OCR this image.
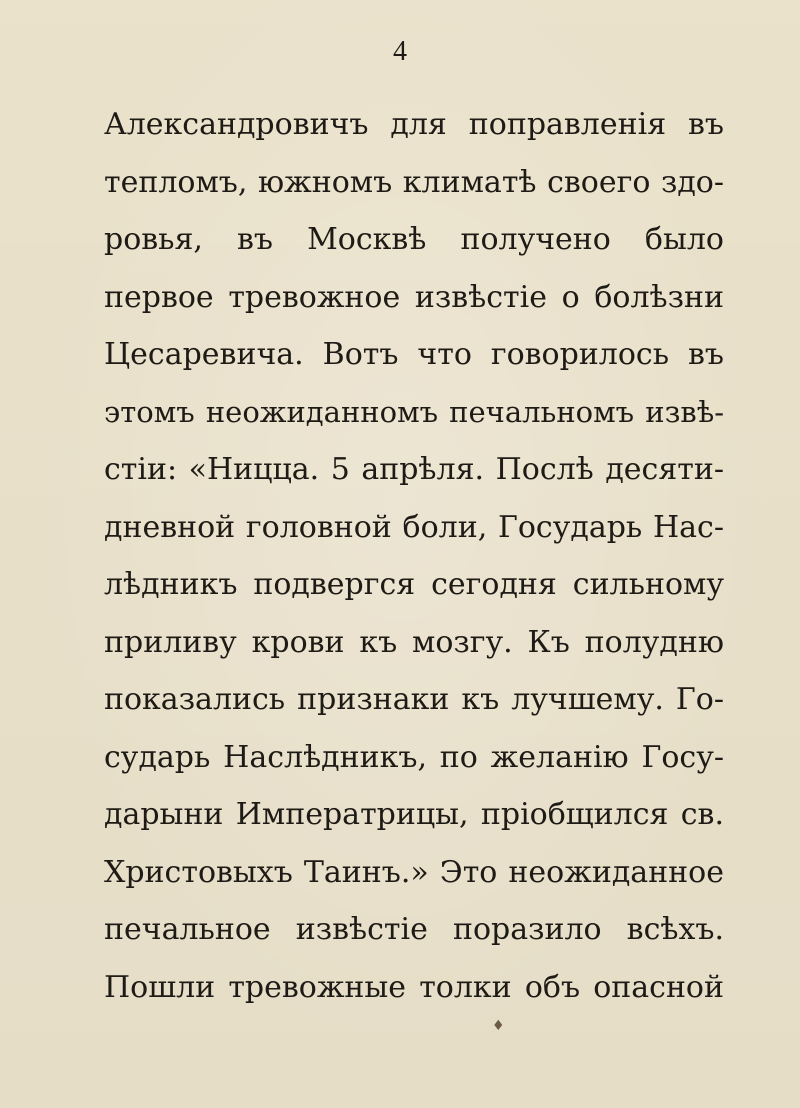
4
Александровичъ для поправленія въ
тепломъ, южномъ климатѣ своего здо-
ровья, въ Москвѣ получено было
первое тревожное извѣстіе о болѣзни
Цесаревича. Вотъ что говорилось въ
этомъ неожиданномъ печальномъ извѣ-
стіи: «Ницца. 5 апрѣля. Послѣ десяти-
дневной головной боли, Государь Нас-
лѣдникъ подвергся сегодня сильному
приливу крови къ мозгу. Къ полудню
показались признаки къ лучшему. Го-
сударь Наслѣдникъ, по желанію Госу-
дарыни Императрицы, пріобщился св.
Христовыхъ Таинъ.» Это неожиданное
печальное извѣстіе поразило всѣхъ.
Пошли тревожные толки объ опасной
♦
